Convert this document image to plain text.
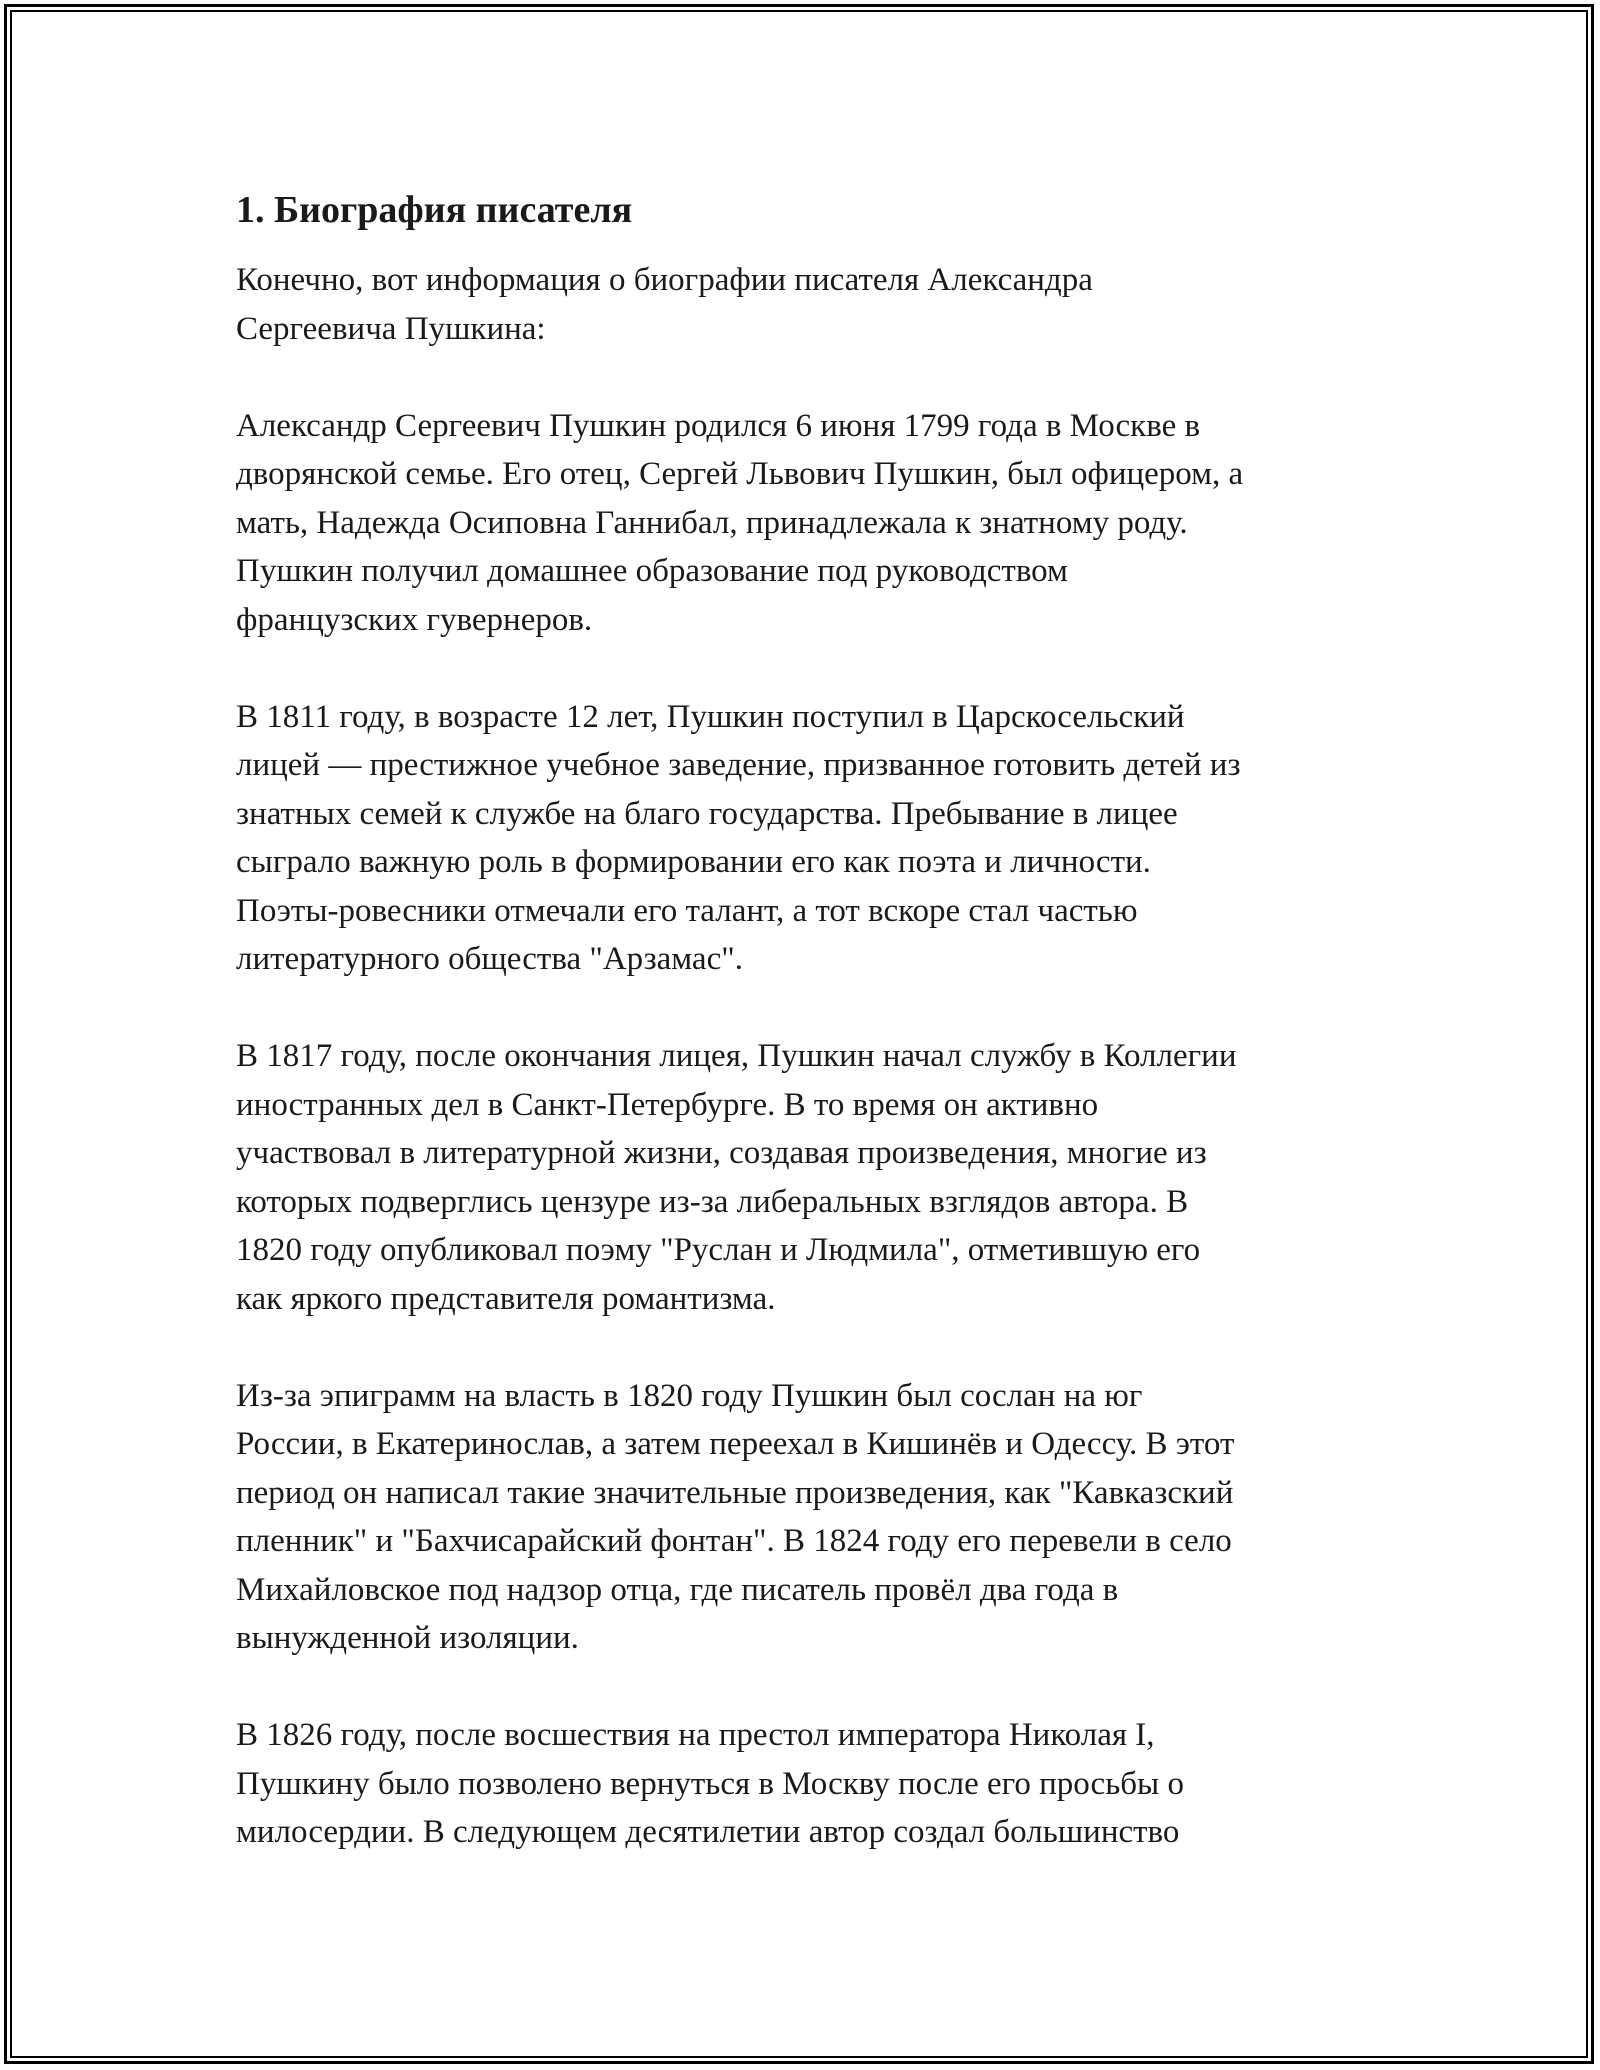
1. Биография писателя
Конечно, вот информация о биографии писателя Александра
Сергеевича Пушкина:
Александр Сергеевич Пушкин родился 6 июня 1799 года в Москве в
дворянской семье. Его отец, Сергей Львович Пушкин, был офицером, а
мать, Надежда Осиповна Ганнибал, принадлежала к знатному роду.
Пушкин получил домашнее образование под руководством
французских гувернеров.
В 1811 году, в возрасте 12 лет, Пушкин поступил в Царскосельский
лицей — престижное учебное заведение, призванное готовить детей из
знатных семей к службе на благо государства. Пребывание в лицее
сыграло важную роль в формировании его как поэта и личности.
Поэты-ровесники отмечали его талант, а тот вскоре стал частью
литературного общества "Арзамас".
В 1817 году, после окончания лицея, Пушкин начал службу в Коллегии
иностранных дел в Санкт-Петербурге. В то время он активно
участвовал в литературной жизни, создавая произведения, многие из
которых подверглись цензуре из-за либеральных взглядов автора. В
1820 году опубликовал поэму "Руслан и Людмила", отметившую его
как яркого представителя романтизма.
Из-за эпиграмм на власть в 1820 году Пушкин был сослан на юг
России, в Екатеринослав, а затем переехал в Кишинёв и Одессу. В этот
период он написал такие значительные произведения, как "Кавказский
пленник" и "Бахчисарайский фонтан". В 1824 году его перевели в село
Михайловское под надзор отца, где писатель провёл два года в
вынужденной изоляции.
В 1826 году, после восшествия на престол императора Николая I,
Пушкину было позволено вернуться в Москву после его просьбы о
милосердии. В следующем десятилетии автор создал большинство
